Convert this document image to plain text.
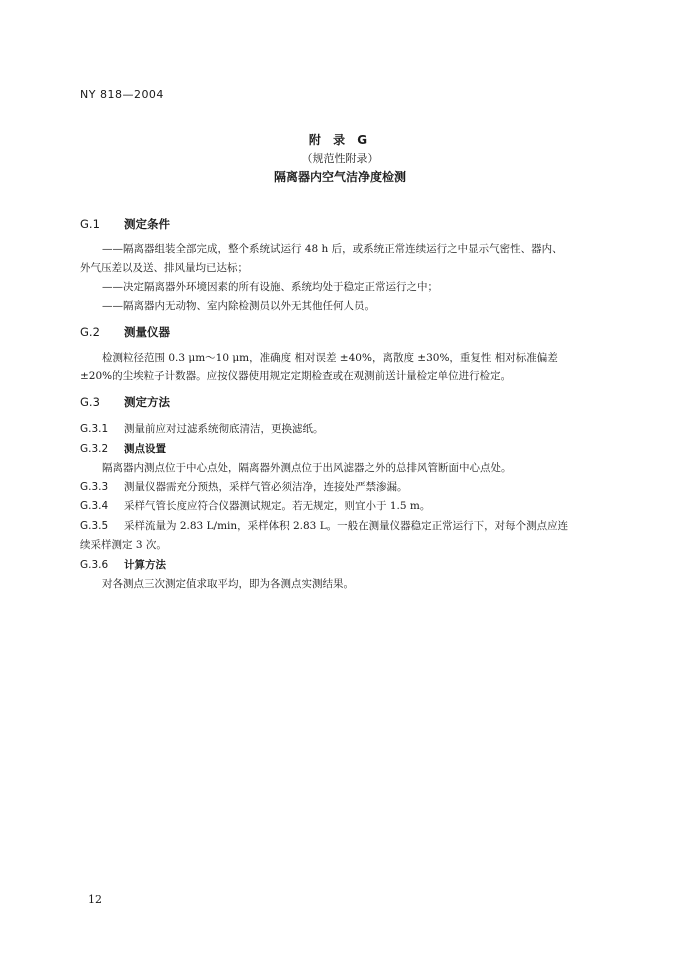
NY 818—2004
附 录 G
（规范性附录）
隔离器内空气洁净度检测
G.1 测定条件
——隔离器组装全部完成，整个系统试运行 48 h 后，或系统正常连续运行之中显示气密性、器内、
外气压差以及送、排风量均已达标；
——决定隔离器外环境因素的所有设施、系统均处于稳定正常运行之中；
——隔离器内无动物、室内除检测员以外无其他任何人员。
G.2 测量仪器
检测粒径范围 0.3 μm～10 μm，准确度 相对误差 ±40%，离散度 ±30%，重复性 相对标准偏差
±20%的尘埃粒子计数器。应按仪器使用规定定期检查或在观测前送计量检定单位进行检定。
G.3 测定方法
G.3.1 测量前应对过滤系统彻底清洁，更换滤纸。
G.3.2 测点设置
隔离器内测点位于中心点处，隔离器外测点位于出风滤器之外的总排风管断面中心点处。
G.3.3 测量仪器需充分预热，采样气管必须洁净，连接处严禁渗漏。
G.3.4 采样气管长度应符合仪器测试规定。若无规定，则宜小于 1.5 m。
G.3.5 采样流量为 2.83 L/min，采样体积 2.83 L。一般在测量仪器稳定正常运行下，对每个测点应连
续采样测定 3 次。
G.3.6 计算方法
对各测点三次测定值求取平均，即为各测点实测结果。
12
